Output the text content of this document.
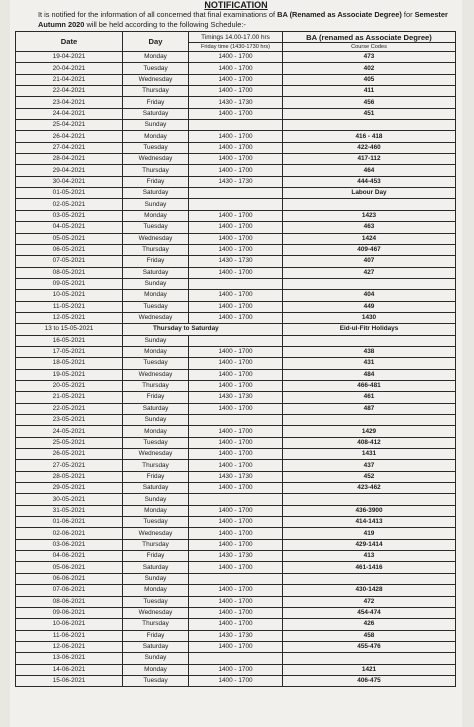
NOTIFICATION
It is notified for the information of all concerned that final examinations of BA (Renamed as Associate Degree) for Semester Autumn 2020 will be held according to the following Schedule:-
Date	Day	Timings 14.00-17.00 hrs	BA (renamed as Associate Degree)
		Friday time (1430-1730 hrs)	Course Codes
19-04-2021	Monday	1400 - 1700	473
20-04-2021	Tuesday	1400 - 1700	402
21-04-2021	Wednesday	1400 - 1700	405
22-04-2021	Thursday	1400 - 1700	411
23-04-2021	Friday	1430 - 1730	456
24-04-2021	Saturday	1400 - 1700	451
25-04-2021	Sunday		
26-04-2021	Monday	1400 - 1700	416 - 418
27-04-2021	Tuesday	1400 - 1700	422-460
28-04-2021	Wednesday	1400 - 1700	417-112
29-04-2021	Thursday	1400 - 1700	464
30-04-2021	Friday	1430 - 1730	444-453
01-05-2021	Saturday		Labour Day
02-05-2021	Sunday		
03-05-2021	Monday	1400 - 1700	1423
04-05-2021	Tuesday	1400 - 1700	463
05-05-2021	Wednesday	1400 - 1700	1424
06-05-2021	Thursday	1400 - 1700	409-467
07-05-2021	Friday	1430 - 1730	407
08-05-2021	Saturday	1400 - 1700	427
09-05-2021	Sunday		
10-05-2021	Monday	1400 - 1700	404
11-05-2021	Tuesday	1400 - 1700	449
12-05-2021	Wednesday	1400 - 1700	1430
13 to 15-05-2021	Thursday to Saturday		Eid-ul-Fitr Holidays
16-05-2021	Sunday		
17-05-2021	Monday	1400 - 1700	438
18-05-2021	Tuesday	1400 - 1700	431
19-05-2021	Wednesday	1400 - 1700	484
20-05-2021	Thursday	1400 - 1700	466-481
21-05-2021	Friday	1430 - 1730	461
22-05-2021	Saturday	1400 - 1700	487
23-05-2021	Sunday		
24-05-2021	Monday	1400 - 1700	1429
25-05-2021	Tuesday	1400 - 1700	408-412
26-05-2021	Wednesday	1400 - 1700	1431
27-05-2021	Thursday	1400 - 1700	437
28-05-2021	Friday	1430 - 1730	452
29-05-2021	Saturday	1400 - 1700	423-462
30-05-2021	Sunday		
31-05-2021	Monday	1400 - 1700	436-3900
01-06-2021	Tuesday	1400 - 1700	414-1413
02-06-2021	Wednesday	1400 - 1700	419
03-06-2021	Thursday	1400 - 1700	429-1414
04-06-2021	Friday	1430 - 1730	413
05-06-2021	Saturday	1400 - 1700	461-1416
06-06-2021	Sunday		
07-06-2021	Monday	1400 - 1700	430-1428
08-06-2021	Tuesday	1400 - 1700	472
09-06-2021	Wednesday	1400 - 1700	454-474
10-06-2021	Thursday	1400 - 1700	426
11-06-2021	Friday	1430 - 1730	458
12-06-2021	Saturday	1400 - 1700	455-476
13-06-2021	Sunday		
14-06-2021	Monday	1400 - 1700	1421
15-06-2021	Tuesday	1400 - 1700	406-475
